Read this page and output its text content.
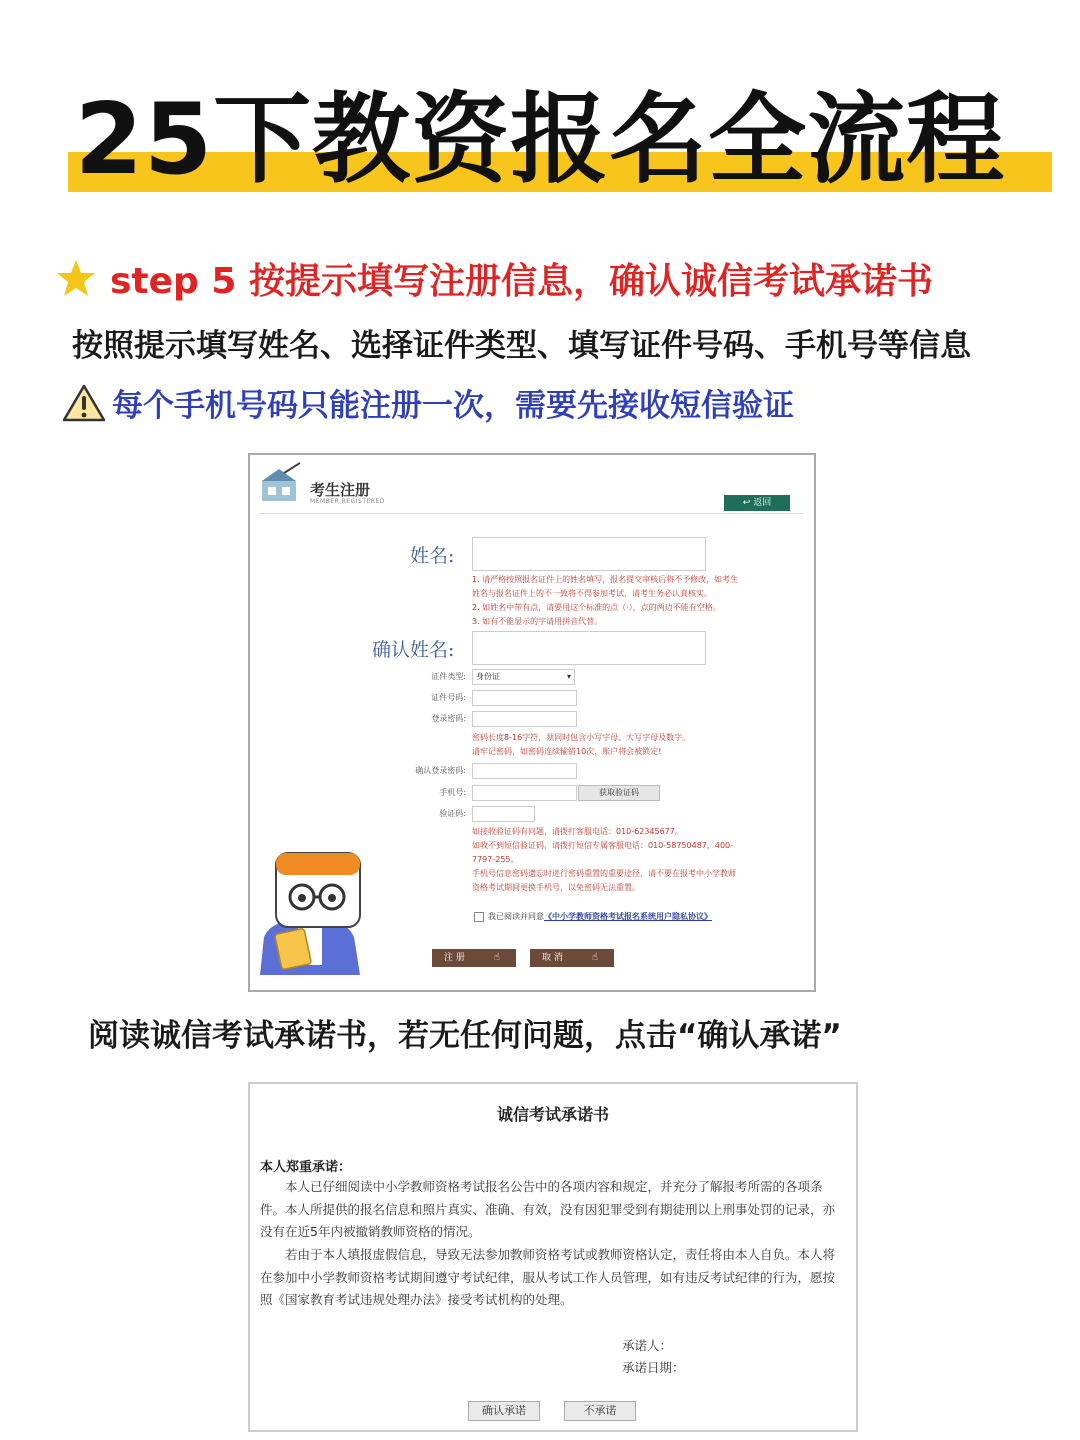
25下教资报名全流程
step 5 按提示填写注册信息，确认诚信考试承诺书
按照提示填写姓名、选择证件类型、填写证件号码、手机号等信息
每个手机号码只能注册一次，需要先接收短信验证
考生注册
MEMBER REGISTERED	↩ 返回
姓名:
1. 请严格按照报名证件上的姓名填写，报名提交审核后将不予修改，如考生
姓名与报名证件上的不一致将不得参加考试，请考生务必认真核实。
2. 如姓名中带有点，请要用这个标准的点（·），点的两边不能有空格。
3. 如有不能显示的字请用拼音代替。
确认姓名:
证件类型:	身份证	▾
证件号码:
登录密码:
密码长度8-16字符，须同时包含小写字母、大写字母及数字。
请牢记密码，如密码连续输错10次，账户将会被锁定!
确认登录密码:
手机号:	获取验证码
验证码:
如接收验证码有问题，请拨打客服电话：010-62345677。
如收不到短信验证码，请拨打短信专属客服电话：010-58750487，400-
7797-255。
手机号信息密码遗忘时进行密码重置的重要途径，请不要在报考中小学教师
资格考试期间更换手机号，以免密码无法重置。
我已阅读并同意 《中小学教师资格考试报名系统用户隐私协议》
注 册	☝	取 消	☝
阅读诚信考试承诺书，若无任何问题，点击“确认承诺”
诚信考试承诺书
本人郑重承诺：
本人已仔细阅读中小学教师资格考试报名公告中的各项内容和规定，并充分了解报考所需的各项条件。本人所提供的报名信息和照片真实、准确、有效，没有因犯罪受到有期徒刑以上刑事处罚的记录，亦没有在近5年内被撤销教师资格的情况。
若由于本人填报虚假信息，导致无法参加教师资格考试或教师资格认定，责任将由本人自负。本人将在参加中小学教师资格考试期间遵守考试纪律，服从考试工作人员管理，如有违反考试纪律的行为，愿按照《国家教育考试违规处理办法》接受考试机构的处理。
承诺人：
承诺日期：
确认承诺	不承诺
